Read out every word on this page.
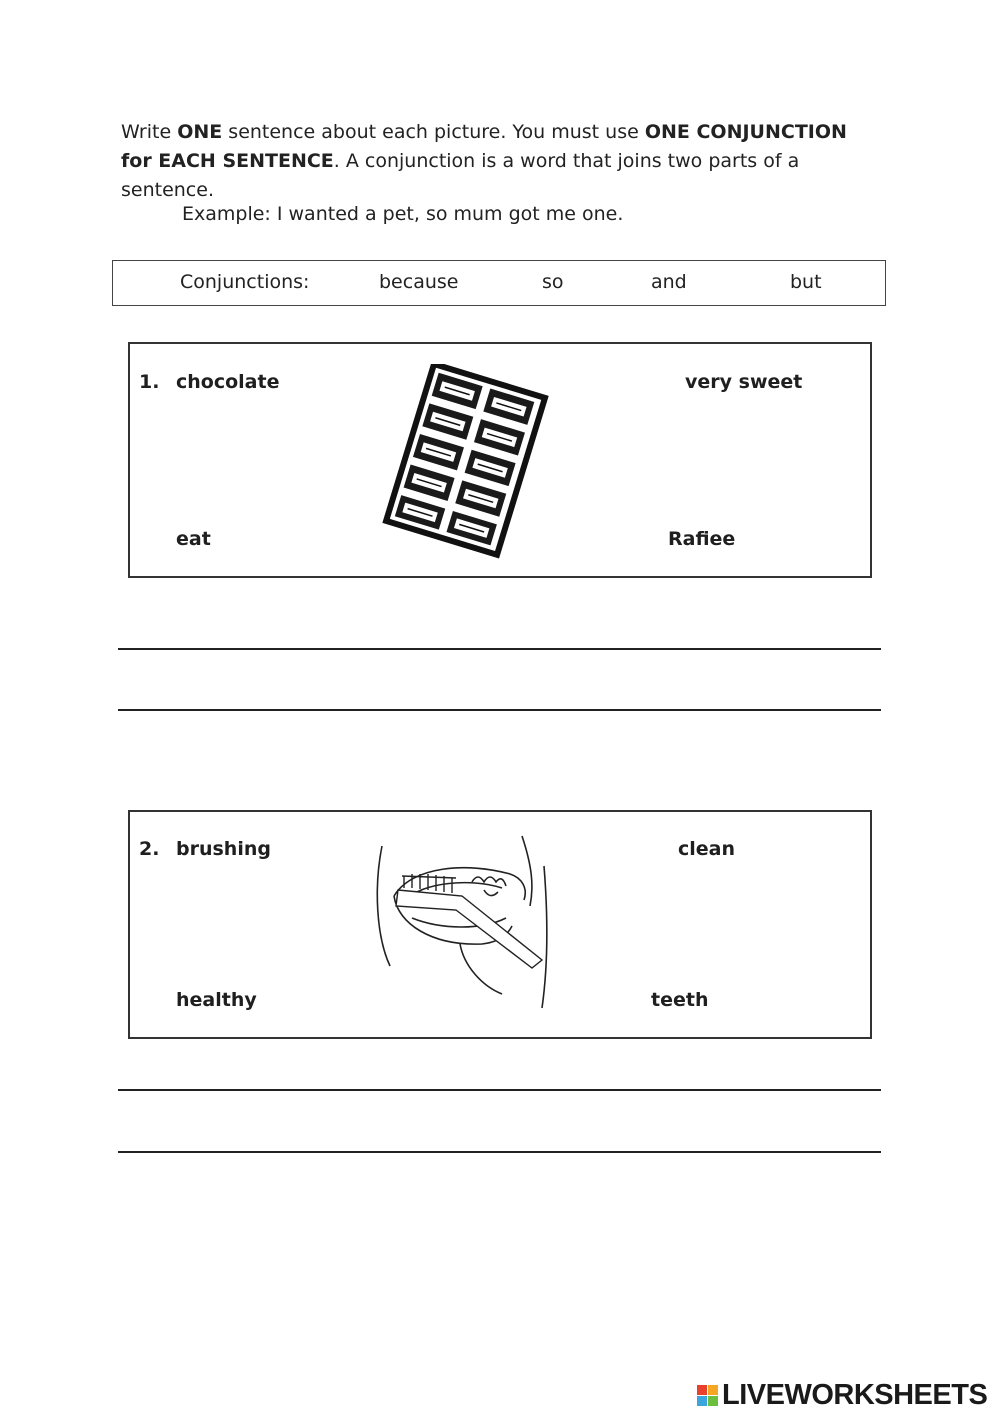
Write ONE sentence about each picture. You must use ONE CONJUNCTION for EACH SENTENCE. A conjunction is a word that joins two parts of a sentence.
Example: I wanted a pet, so mum got me one.
Conjunctions:	because	so	and	but
1. chocolate	very sweet
eat	Rafiee
2. brushing	clean
healthy	teeth
LIVEWORKSHEETS
